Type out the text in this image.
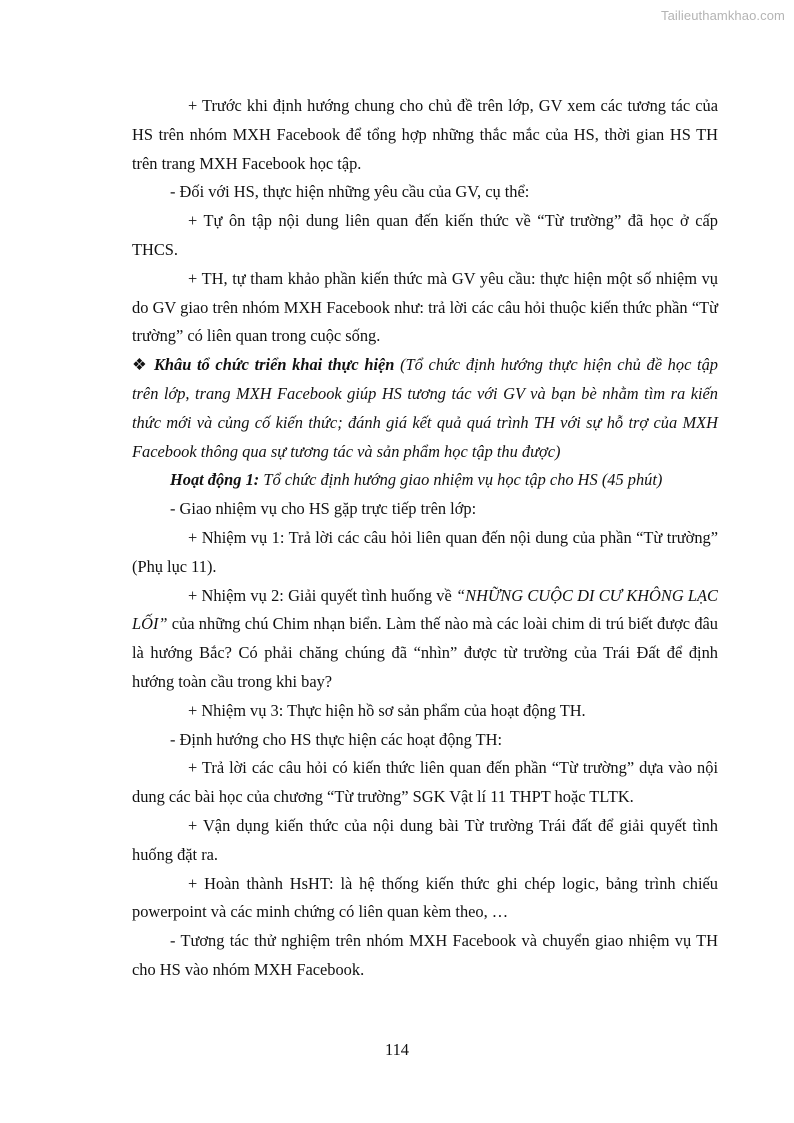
Tailieuthamkhao.com

+ Trước khi định hướng chung cho chủ đề trên lớp, GV xem các tương tác của HS trên nhóm MXH Facebook để tổng hợp những thắc mắc của HS, thời gian HS TH trên trang MXH Facebook học tập.

- Đối với HS, thực hiện những yêu cầu của GV, cụ thể:

+ Tự ôn tập nội dung liên quan đến kiến thức về “Từ trường” đã học ở cấp THCS.

+ TH, tự tham khảo phần kiến thức mà GV yêu cầu: thực hiện một số nhiệm vụ do GV giao trên nhóm MXH Facebook như: trả lời các câu hỏi thuộc kiến thức phần “Từ trường” có liên quan trong cuộc sống.

❖ Khâu tổ chức triển khai thực hiện (Tổ chức định hướng thực hiện chủ đề học tập trên lớp, trang MXH Facebook giúp HS tương tác với GV và bạn bè nhằm tìm ra kiến thức mới và củng cố kiến thức; đánh giá kết quả quá trình TH với sự hỗ trợ của MXH Facebook thông qua sự tương tác và sản phẩm học tập thu được)

Hoạt động 1: Tổ chức định hướng giao nhiệm vụ học tập cho HS (45 phút)

- Giao nhiệm vụ cho HS gặp trực tiếp trên lớp:

+ Nhiệm vụ 1: Trả lời các câu hỏi liên quan đến nội dung của phần “Từ trường” (Phụ lục 11).

+ Nhiệm vụ 2: Giải quyết tình huống về “NHỮNG CUỘC DI CƯ KHÔNG LẠC LỐI” của những chú Chim nhạn biển. Làm thế nào mà các loài chim di trú biết được đâu là hướng Bắc? Có phải chăng chúng đã “nhìn” được từ trường của Trái Đất để định hướng toàn cầu trong khi bay?

+ Nhiệm vụ 3: Thực hiện hồ sơ sản phẩm của hoạt động TH.

- Định hướng cho HS thực hiện các hoạt động TH:

+ Trả lời các câu hỏi có kiến thức liên quan đến phần “Từ trường” dựa vào nội dung các bài học của chương “Từ trường” SGK Vật lí 11 THPT hoặc TLTK.

+ Vận dụng kiến thức của nội dung bài Từ trường Trái đất để giải quyết tình huống đặt ra.

+ Hoàn thành HsHT: là hệ thống kiến thức ghi chép logic, bảng trình chiếu powerpoint và các minh chứng có liên quan kèm theo, …

- Tương tác thử nghiệm trên nhóm MXH Facebook và chuyển giao nhiệm vụ TH cho HS vào nhóm MXH Facebook.

114
